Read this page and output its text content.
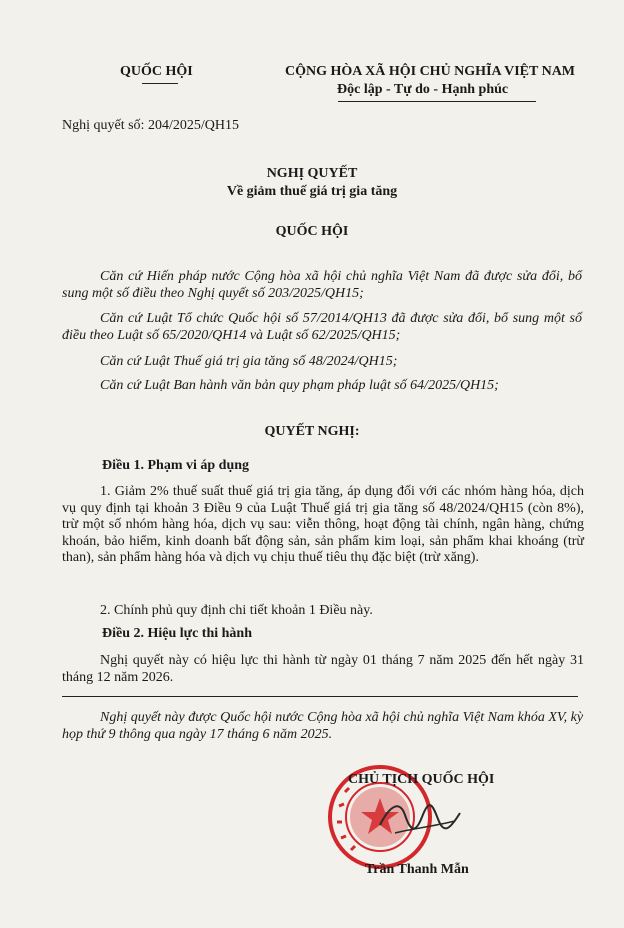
QUỐC HỘI	CỘNG HÒA XÃ HỘI CHỦ NGHĨA VIỆT NAM
Độc lập - Tự do - Hạnh phúc
Nghị quyết số: 204/2025/QH15
NGHỊ QUYẾT
Về giảm thuế giá trị gia tăng
QUỐC HỘI
Căn cứ Hiến pháp nước Cộng hòa xã hội chủ nghĩa Việt Nam đã được sửa đổi, bổ sung một số điều theo Nghị quyết số 203/2025/QH15;
Căn cứ Luật Tổ chức Quốc hội số 57/2014/QH13 đã được sửa đổi, bổ sung một số điều theo Luật số 65/2020/QH14 và Luật số 62/2025/QH15;
Căn cứ Luật Thuế giá trị gia tăng số 48/2024/QH15;
Căn cứ Luật Ban hành văn bản quy phạm pháp luật số 64/2025/QH15;
QUYẾT NGHỊ:
Điều 1. Phạm vi áp dụng
1. Giảm 2% thuế suất thuế giá trị gia tăng, áp dụng đối với các nhóm hàng hóa, dịch vụ quy định tại khoản 3 Điều 9 của Luật Thuế giá trị gia tăng số 48/2024/QH15 (còn 8%), trừ một số nhóm hàng hóa, dịch vụ sau: viễn thông, hoạt động tài chính, ngân hàng, chứng khoán, bảo hiểm, kinh doanh bất động sản, sản phẩm kim loại, sản phẩm khai khoáng (trừ than), sản phẩm hàng hóa và dịch vụ chịu thuế tiêu thụ đặc biệt (trừ xăng).
2. Chính phủ quy định chi tiết khoản 1 Điều này.
Điều 2. Hiệu lực thi hành
Nghị quyết này có hiệu lực thi hành từ ngày 01 tháng 7 năm 2025 đến hết ngày 31 tháng 12 năm 2026.
Nghị quyết này được Quốc hội nước Cộng hòa xã hội chủ nghĩa Việt Nam khóa XV, kỳ họp thứ 9 thông qua ngày 17 tháng 6 năm 2025.
CHỦ TỊCH QUỐC HỘI
Trần Thanh Mẫn
